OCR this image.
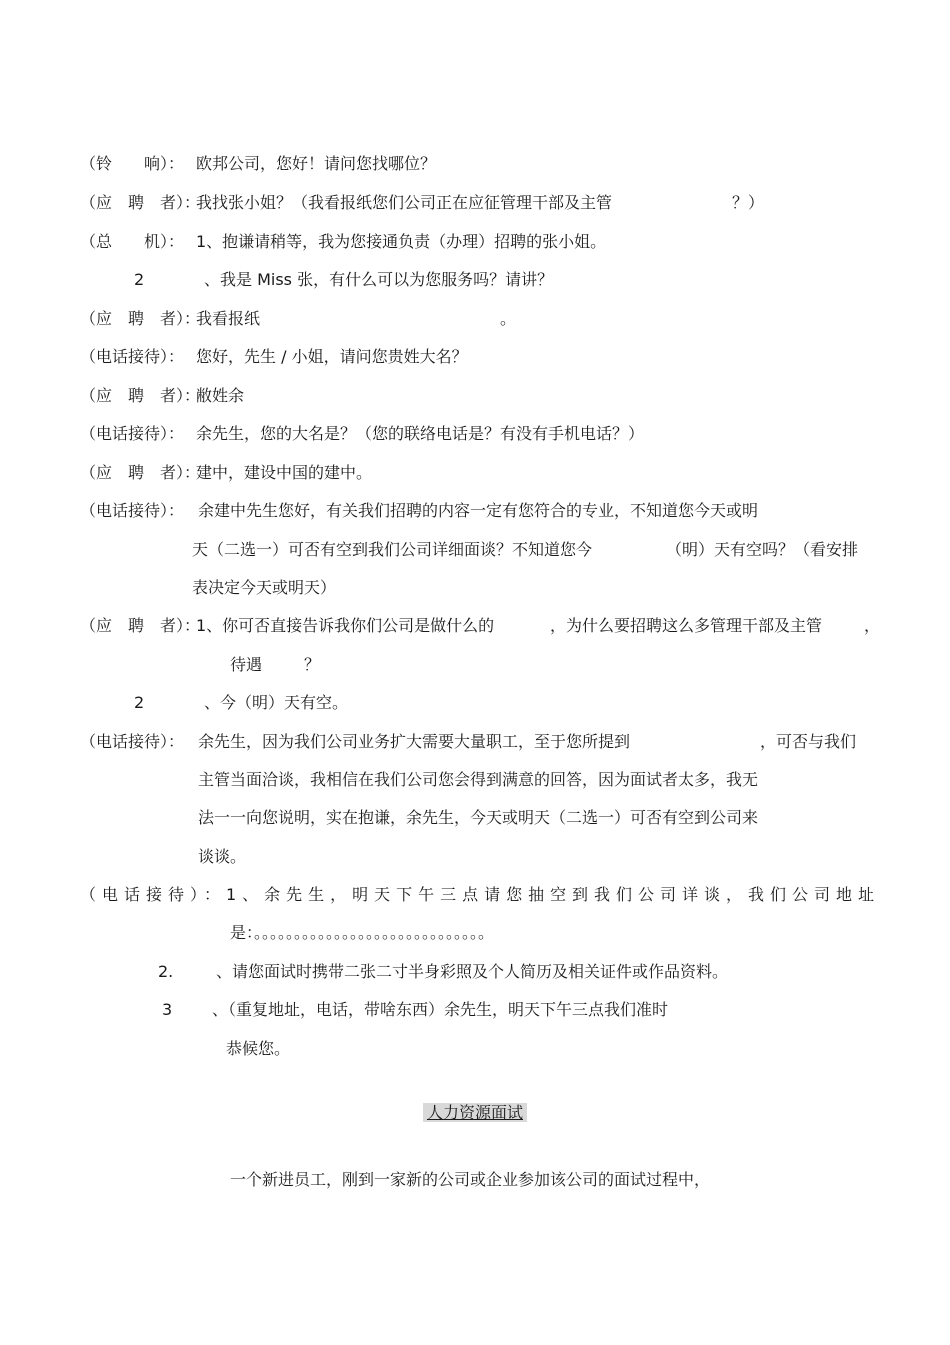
（铃　　响）： 欧邦公司，您好！请问您找哪位？
（应　聘　者）：
我找张小姐？（我看报纸您们公司正在应征管理干部及主管	？）
（总　　机）： 1、抱谦请稍等，我为您接通负责（办理）招聘的张小姐。
2	、我是 Miss 张，有什么可以为您服务吗？请讲？
（应　聘　者）：
我看报纸	。
（电话接待）： 您好，先生 / 小姐，请问您贵姓大名？
（应　聘　者）：
敝姓余
（电话接待）： 余先生，您的大名是？（您的联络电话是？有没有手机电话？）
（应　聘　者）：
建中，建设中国的建中。
（电话接待）： 余建中先生您好，有关我们招聘的内容一定有您符合的专业，不知道您今天或明
天（二选一）可否有空到我们公司详细面谈？不知道您今	（明）天有空吗？（看安排
表决定今天或明天）
（应　聘　者）：
1、你可否直接告诉我你们公司是做什么的	，为什么要招聘这么多管理干部及主管	，
待遇	？
2	、今（明）天有空。
（电话接待）： 余先生，因为我们公司业务扩大需要大量职工，至于您所提到	，可否与我们
主管当面洽谈，我相信在我们公司您会得到满意的回答，因为面试者太多，我无
法一一向您说明，实在抱谦，余先生，今天或明天（二选一）可否有空到公司来
谈谈。
（电话接待）：1、余先生，明天下午三点请您抽空到我们公司详谈，我们公司地址
是：。。。。。。。。。。。。。。。。。。。。。。。。。。。。。
2.	、请您面试时携带二张二寸半身彩照及个人简历及相关证件或作品资料。
3 、（重复地址，电话，带啥东西）余先生，明天下午三点我们准时
恭候您。
人力资源面试
一个新进员工，刚到一家新的公司或企业参加该公司的面试过程中，
